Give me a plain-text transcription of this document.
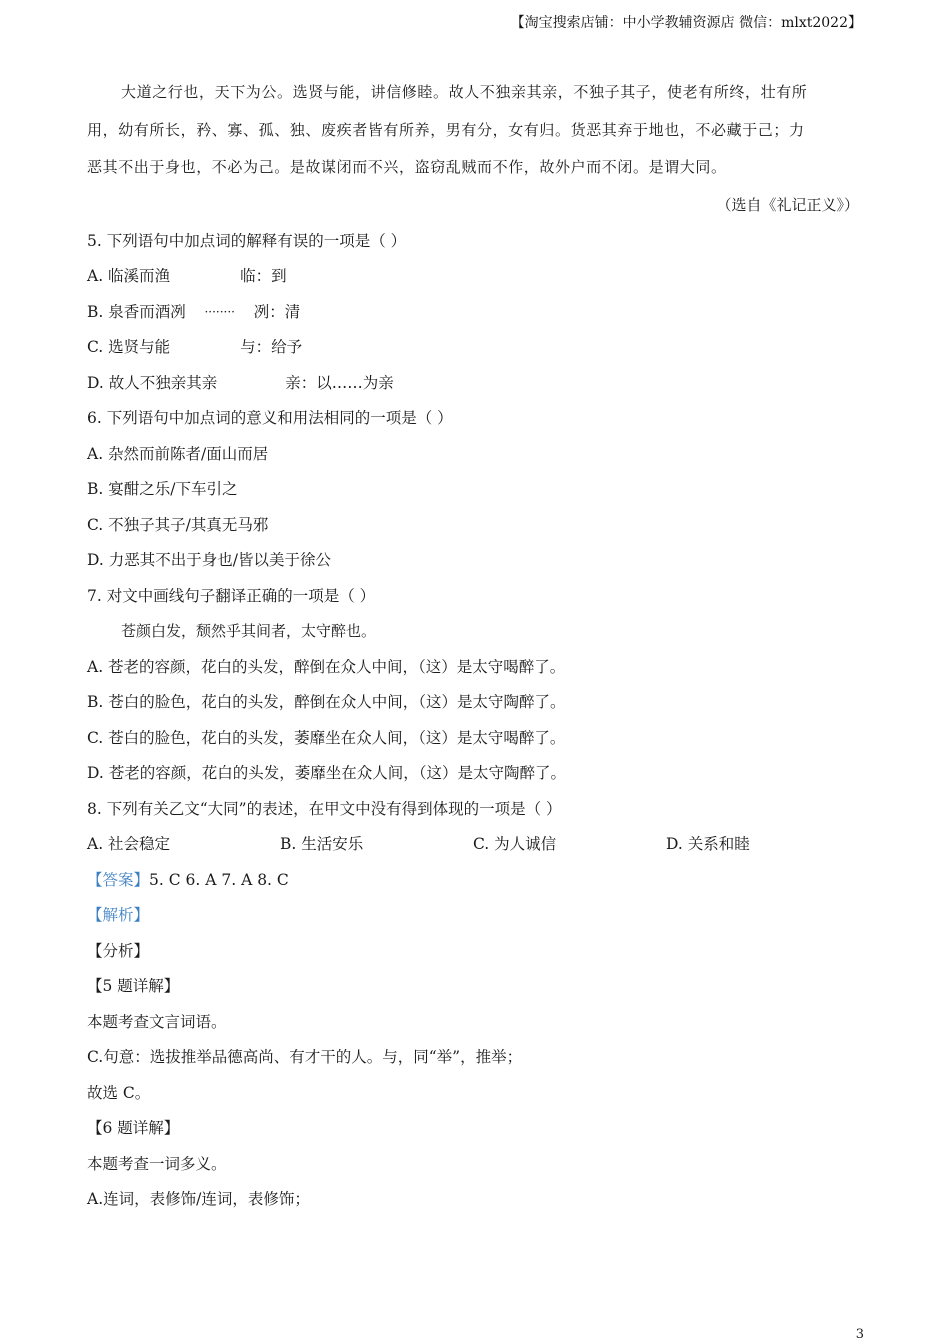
【淘宝搜索店铺：中小学教辅资源店 微信：mlxt2022】

大道之行也，天下为公。选贤与能，讲信修睦。故人不独亲其亲，不独子其子，使老有所终，壮有所

用，幼有所长，矜、寡、孤、独、废疾者皆有所养，男有分，女有归。货恶其弃于地也，不必藏于己；力

恶其不出于身也，不必为己。是故谋闭而不兴，盗窃乱贼而不作，故外户而不闭。是谓大同。

（选自《礼记正义》）

5. 下列语句中加点词的解释有误的一项是（ ）

A. 临溪而渔	临：到

B. 泉香而酒冽	········	冽：清

C. 选贤与能	与：给予

D. 故人不独亲其亲	亲：以……为亲

6. 下列语句中加点词的意义和用法相同的一项是（ ）

A. 杂然而前陈者/面山而居

B. 宴酣之乐/下车引之

C. 不独子其子/其真无马邪

D. 力恶其不出于身也/皆以美于徐公

7. 对文中画线句子翻译正确的一项是（ ）

苍颜白发，颓然乎其间者，太守醉也。

A. 苍老的容颜，花白的头发，醉倒在众人中间，（这）是太守喝醉了。

B. 苍白的脸色，花白的头发，醉倒在众人中间，（这）是太守陶醉了。

C. 苍白的脸色，花白的头发，萎靡坐在众人间，（这）是太守喝醉了。

D. 苍老的容颜，花白的头发，萎靡坐在众人间，（这）是太守陶醉了。

8. 下列有关乙文“大同”的表述，在甲文中没有得到体现的一项是（ ）

A. 社会稳定	B. 生活安乐	C. 为人诚信	D. 关系和睦

【答案】5. C 6. A 7. A 8. C

【解析】

【分析】

【5 题详解】

本题考查文言词语。

C.句意：选拔推举品德高尚、有才干的人。与，同“举”，推举；

故选 C。

【6 题详解】

本题考查一词多义。

A.连词，表修饰/连词，表修饰；

3
